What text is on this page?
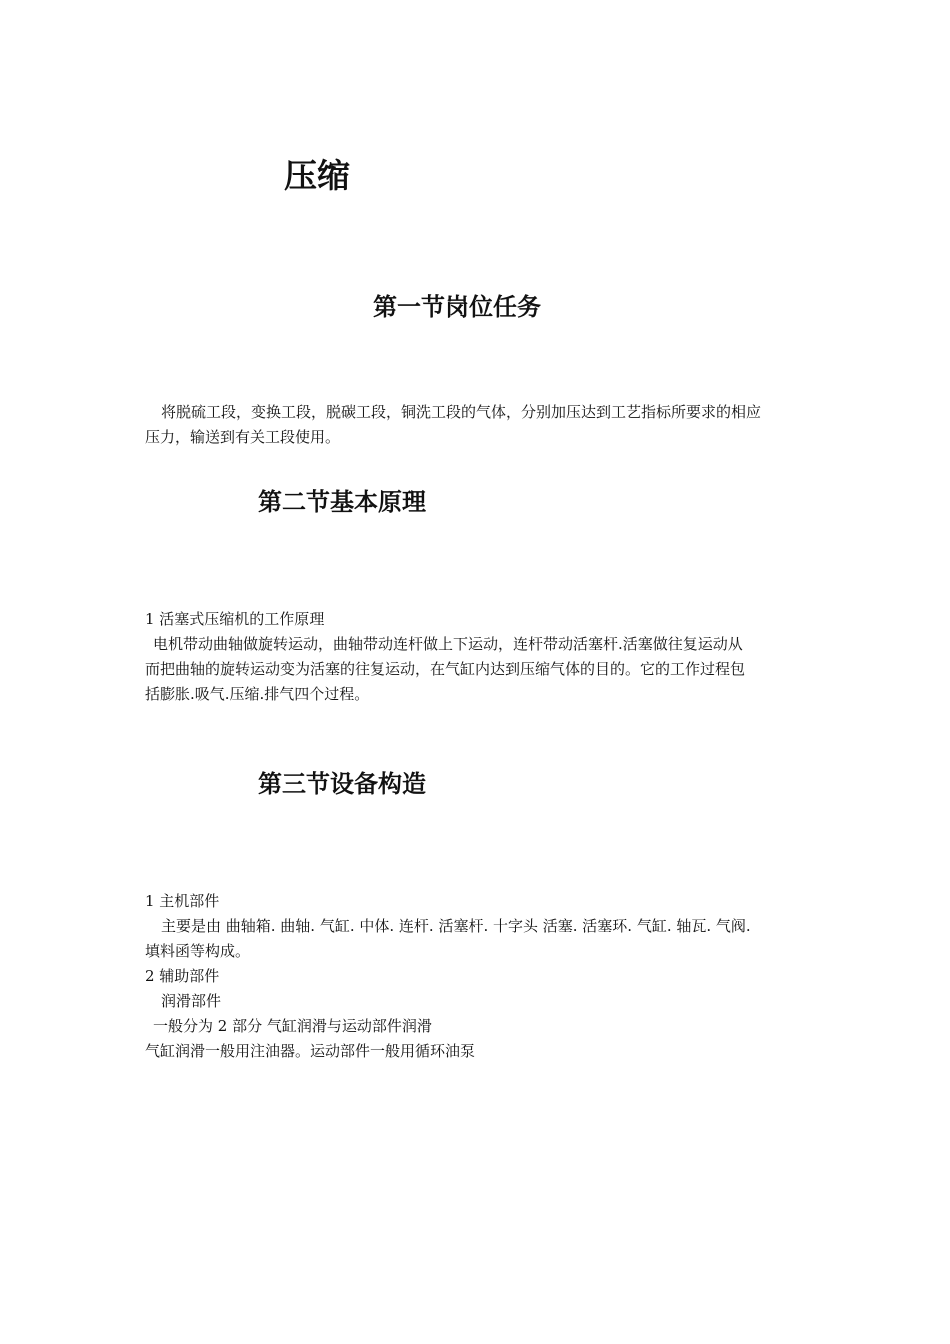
压缩
第一节岗位任务
将脱硫工段，变换工段，脱碳工段，铜洗工段的气体，分别加压达到工艺指标所要求的相应
压力，输送到有关工段使用。
第二节基本原理
1 活塞式压缩机的工作原理
电机带动曲轴做旋转运动，曲轴带动连杆做上下运动，连杆带动活塞杆.活塞做往复运动从
而把曲轴的旋转运动变为活塞的往复运动，在气缸内达到压缩气体的目的。它的工作过程包
括膨胀.吸气.压缩.排气四个过程。
第三节设备构造
1 主机部件
主要是由 曲轴箱. 曲轴. 气缸. 中体. 连杆. 活塞杆. 十字头 活塞. 活塞环. 气缸. 轴瓦. 气阀.
填料函等构成。
2 辅助部件
润滑部件
一般分为 2 部分 气缸润滑与运动部件润滑
气缸润滑一般用注油器。运动部件一般用循环油泵
